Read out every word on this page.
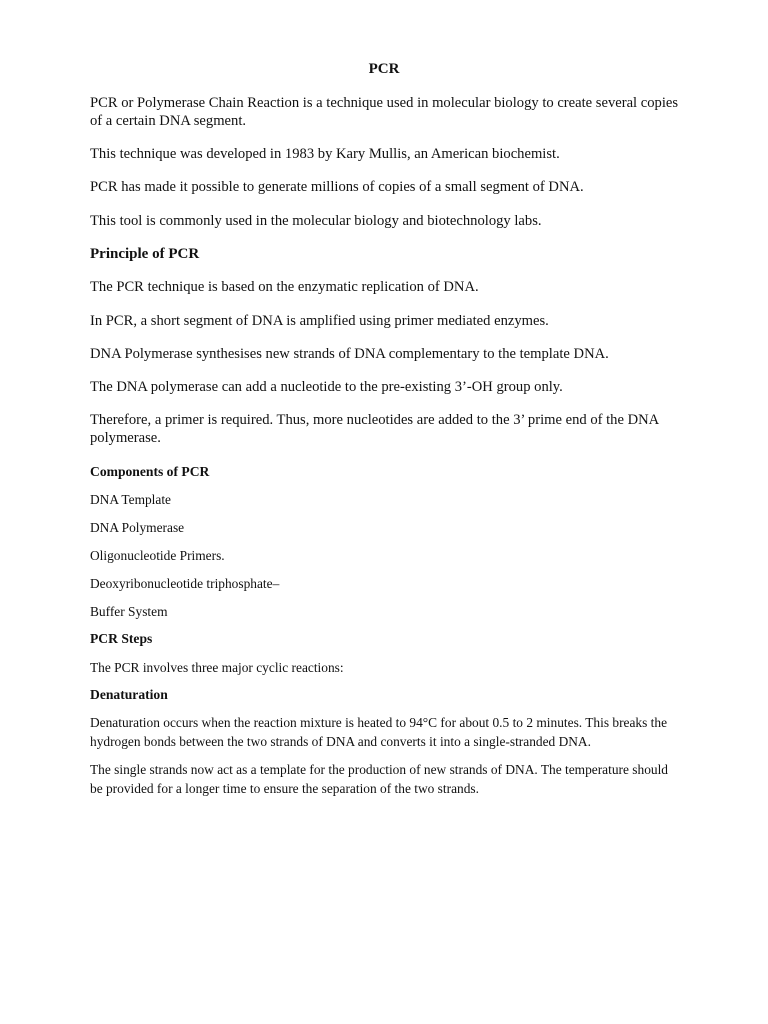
PCR

PCR or Polymerase Chain Reaction is a technique used in molecular biology to create several copies of a certain DNA segment.

This technique was developed in 1983 by Kary Mullis, an American biochemist.

PCR has made it possible to generate millions of copies of a small segment of DNA.

This tool is commonly used in the molecular biology and biotechnology labs.

Principle of PCR

The PCR technique is based on the enzymatic replication of DNA.

In PCR, a short segment of DNA is amplified using primer mediated enzymes.

DNA Polymerase synthesises new strands of DNA complementary to the template DNA.

The DNA polymerase can add a nucleotide to the pre-existing 3’-OH group only.

Therefore, a primer is required. Thus, more nucleotides are added to the 3’ prime end of the DNA polymerase.

Components of PCR
DNA Template
DNA Polymerase
Oligonucleotide Primers.
Deoxyribonucleotide triphosphate–
Buffer System
PCR Steps

The PCR involves three major cyclic reactions:

Denaturation

Denaturation occurs when the reaction mixture is heated to 94°C for about 0.5 to 2 minutes. This breaks the hydrogen bonds between the two strands of DNA and converts it into a single-stranded DNA.

The single strands now act as a template for the production of new strands of DNA. The temperature should be provided for a longer time to ensure the separation of the two strands.
